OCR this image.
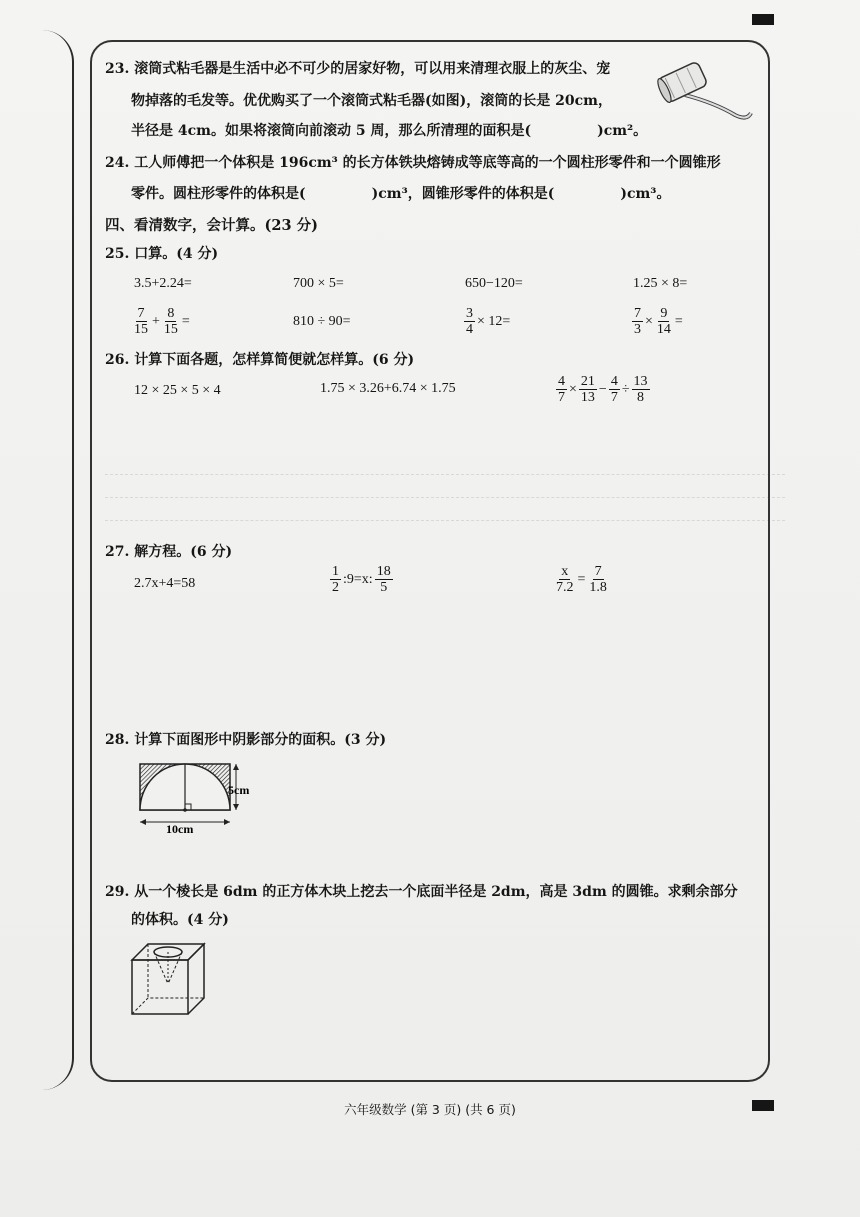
23. 滚筒式粘毛器是生活中必不可少的居家好物，可以用来清理衣服上的灰尘、宠
物掉落的毛发等。优优购买了一个滚筒式粘毛器(如图)，滚筒的长是 20cm，
半径是 4cm。如果将滚筒向前滚动 5 周，那么所清理的面积是(	)cm²。
24. 工人师傅把一个体积是 196cm³ 的长方体铁块熔铸成等底等高的一个圆柱形零件和一个圆锥形
零件。圆柱形零件的体积是(	)cm³，圆锥形零件的体积是(	)cm³。
四、看清数字，会计算。(23 分)
25. 口算。(4 分)
3.5+2.24=	700 × 5=	650−120=	1.25 × 8=
$\frac{7}{15} + \frac{8}{15}$ =	810 ÷ 90=	$\frac{3}{4} \times 12=$	$\frac{7}{3} \times \frac{9}{14}$ =
26. 计算下面各题，怎样算简便就怎样算。(6 分)
12 × 25 × 5 × 4	1.75 × 3.26+6.74 × 1.75	$\frac{4}{7} \times \frac{21}{13} - \frac{4}{7} \div \frac{13}{8}$
27. 解方程。(6 分)
2.7x+4=58	$\frac{1}{2}$ :9=x: $\frac{18}{5}$	$\frac{x}{7.2} = \frac{7}{1.8}$
28. 计算下面图形中阴影部分的面积。(3 分)
5cm
10cm
29. 从一个棱长是 6dm 的正方体木块上挖去一个底面半径是 2dm，高是 3dm 的圆锥。求剩余部分
的体积。(4 分)
六年级数学 (第 3 页) (共 6 页)
